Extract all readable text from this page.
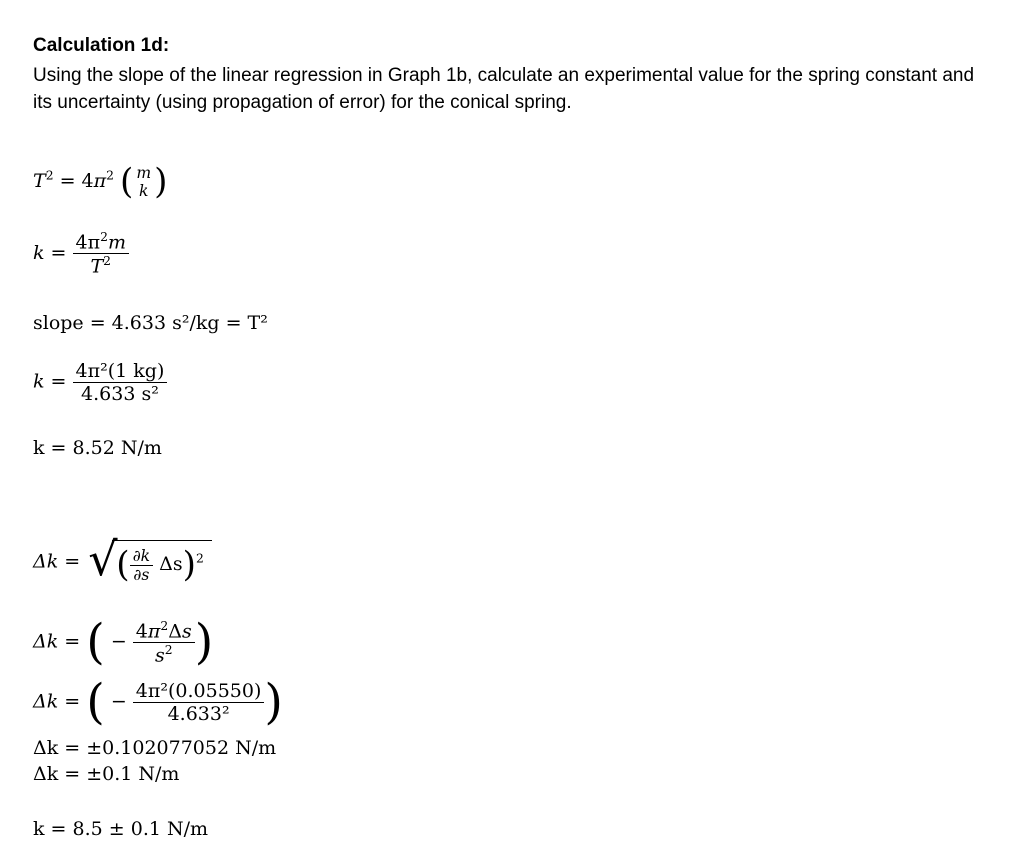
Calculation 1d:
Using the slope of the linear regression in Graph 1b, calculate an experimental value for the spring constant and its uncertainty (using propagation of error) for the conical spring.
$T^2 = 4\pi^2$ ( m
k )
$k = \frac{4\pi^2m}{T^2}$
slope = 4.633 s²/kg = T²
$k = \frac{\text{4π²(1 kg)}}{\text{4.633 s²}}$
k = 8.52 N/m
Δk = √
( $\frac{\partial k}{\partial s} \Delta s)^2$
Δk = ( − $\frac{4\pi^2\Delta s}{s^2}$ )
Δk = ( − $\frac{\text{4π²(0.05550)}}{\text{4.633²}}$ )
Δk = ±0.102077052 N/m
Δk = ±0.1 N/m
k = 8.5 ± 0.1 N/m
